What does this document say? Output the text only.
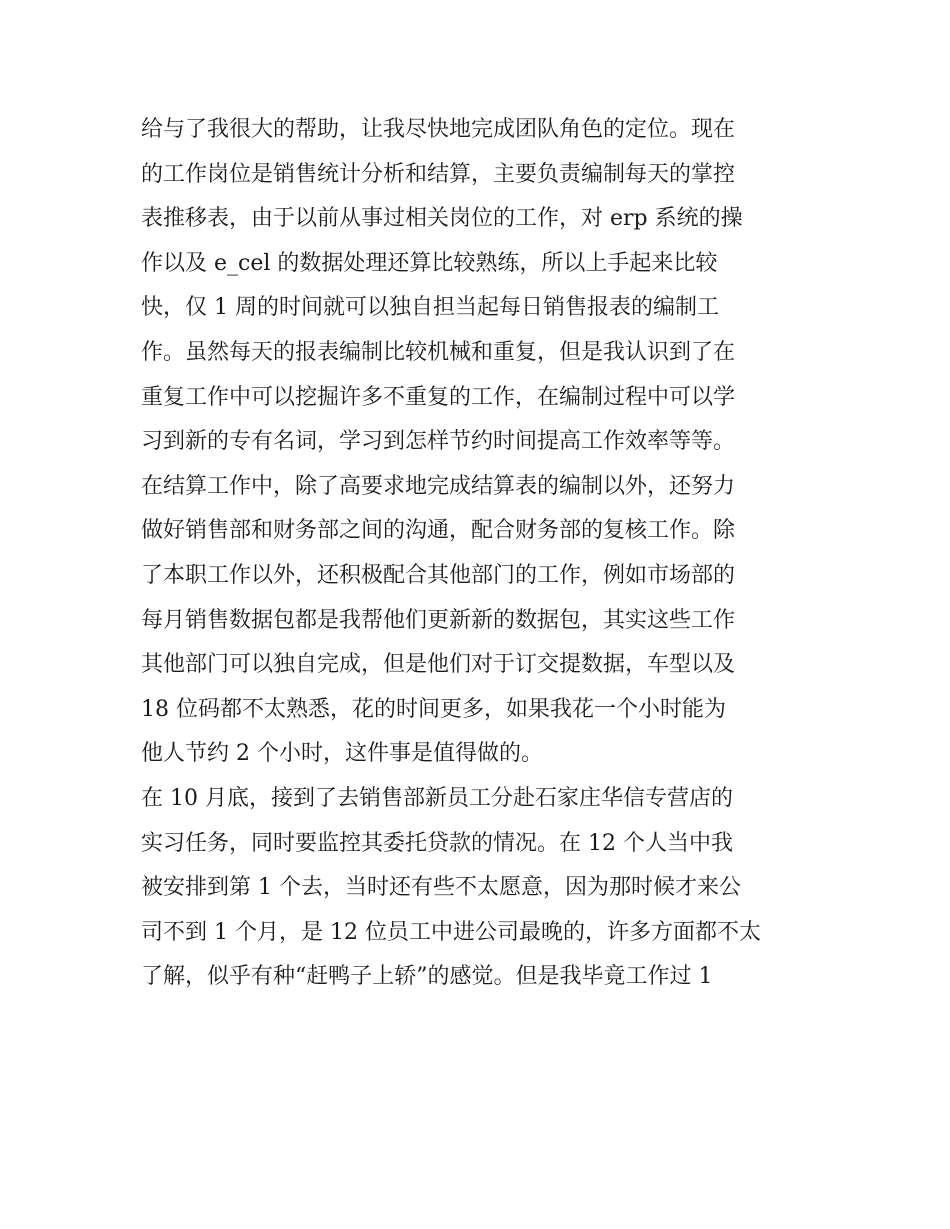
给与了我很大的帮助，让我尽快地完成团队角色的定位。现在
的工作岗位是销售统计分析和结算，主要负责编制每天的掌控
表推移表，由于以前从事过相关岗位的工作，对 erp 系统的操
作以及 e_cel 的数据处理还算比较熟练，所以上手起来比较
快，仅 1 周的时间就可以独自担当起每日销售报表的编制工
作。虽然每天的报表编制比较机械和重复，但是我认识到了在
重复工作中可以挖掘许多不重复的工作，在编制过程中可以学
习到新的专有名词，学习到怎样节约时间提高工作效率等等。
在结算工作中，除了高要求地完成结算表的编制以外，还努力
做好销售部和财务部之间的沟通，配合财务部的复核工作。除
了本职工作以外，还积极配合其他部门的工作，例如市场部的
每月销售数据包都是我帮他们更新新的数据包，其实这些工作
其他部门可以独自完成，但是他们对于订交提数据，车型以及
18 位码都不太熟悉，花的时间更多，如果我花一个小时能为
他人节约 2 个小时，这件事是值得做的。
在 10 月底，接到了去销售部新员工分赴石家庄华信专营店的
实习任务，同时要监控其委托贷款的情况。在 12 个人当中我
被安排到第 1 个去，当时还有些不太愿意，因为那时候才来公
司不到 1 个月，是 12 位员工中进公司最晚的，许多方面都不太
了解，似乎有种“赶鸭子上轿”的感觉。但是我毕竟工作过 1
